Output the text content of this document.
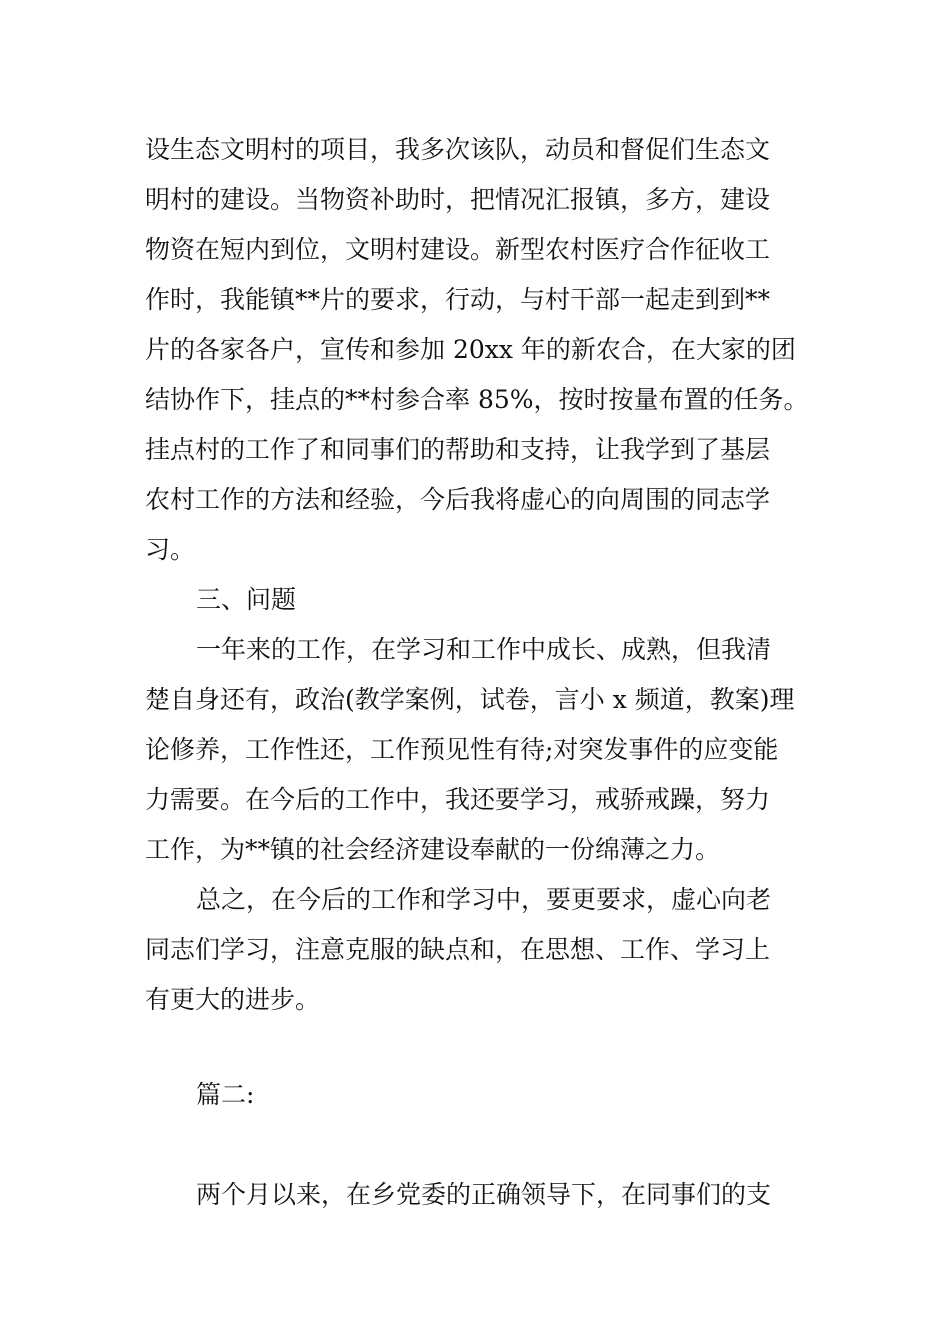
设生态文明村的项目，我多次该队，动员和督促们生态文

明村的建设。当物资补助时，把情况汇报镇，多方，建设

物资在短内到位，文明村建设。新型农村医疗合作征收工

作时，我能镇**片的要求，行动，与村干部一起走到到**

片的各家各户，宣传和参加 20xx 年的新农合，在大家的团

结协作下，挂点的**村参合率 85%，按时按量布置的任务。

挂点村的工作了和同事们的帮助和支持，让我学到了基层

农村工作的方法和经验，今后我将虚心的向周围的同志学

习。

三、问题

一年来的工作，在学习和工作中成长、成熟，但我清

楚自身还有，政治(教学案例，试卷，言小 x 频道，教案)理

论修养，工作性还，工作预见性有待;对突发事件的应变能

力需要。在今后的工作中，我还要学习，戒骄戒躁，努力

工作，为**镇的社会经济建设奉献的一份绵薄之力。

总之，在今后的工作和学习中，要更要求，虚心向老

同志们学习，注意克服的缺点和，在思想、工作、学习上

有更大的进步。

篇二:

两个月以来，在乡党委的正确领导下，在同事们的支
